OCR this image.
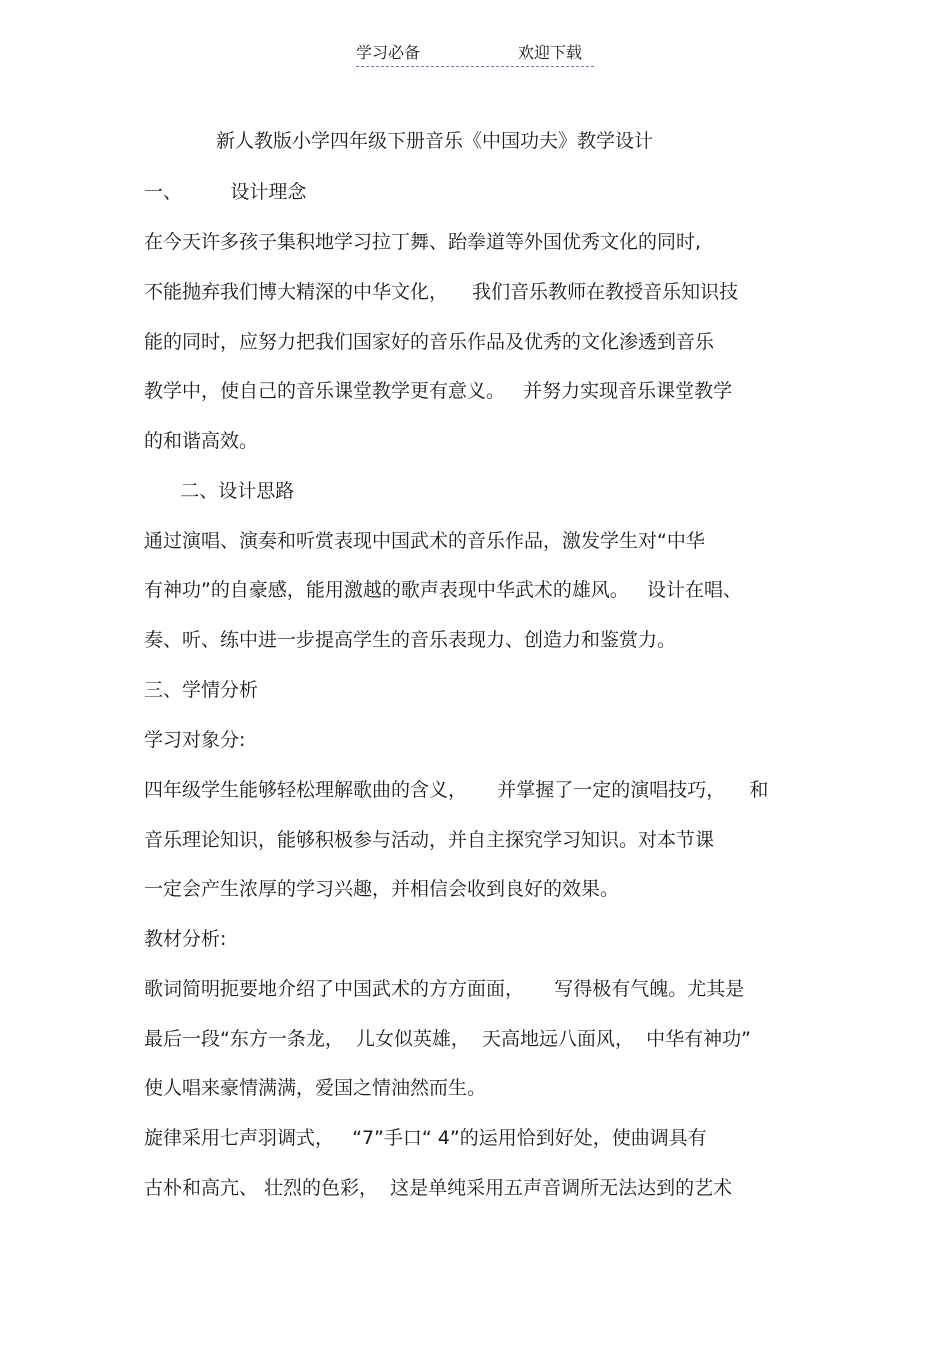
学习必备	欢迎下载
新人教版小学四年级下册音乐《中国功夫》教学设计
一、        设计理念
在今天许多孩子集积地学习拉丁舞、跆拳道等外国优秀文化的同时,
不能抛弃我们博大精深的中华文化，    我们音乐教师在教授音乐知识技
能的同时，应努力把我们国家好的音乐作品及优秀的文化渗透到音乐
教学中，使自己的音乐课堂教学更有意义。   并努力实现音乐课堂教学
的和谐高效。
二、设计思路
通过演唱、演奏和听赏表现中国武术的音乐作品，激发学生对“中华
有神功”的自豪感，能用激越的歌声表现中华武术的雄风。   设计在唱、
奏、听、练中进一步提高学生的音乐表现力、创造力和鉴赏力。
三、学情分析
学习对象分:
四年级学生能够轻松理解歌曲的含义，     并掌握了一定的演唱技巧，    和
音乐理论知识，能够积极参与活动，并自主探究学习知识。对本节课
一定会产生浓厚的学习兴趣，并相信会收到良好的效果。
教材分析:
歌词简明扼要地介绍了中国武术的方方面面，     写得极有气魄。尤其是
最后一段“东方一条龙，  儿女似英雄，  天高地远八面风，  中华有神功”
使人唱来豪情满满，爱国之情油然而生。
旋律采用七声羽调式，   “7”手口“ 4”的运用恰到好处，使曲调具有
古朴和高亢、 壮烈的色彩，  这是单纯采用五声音调所无法达到的艺术
